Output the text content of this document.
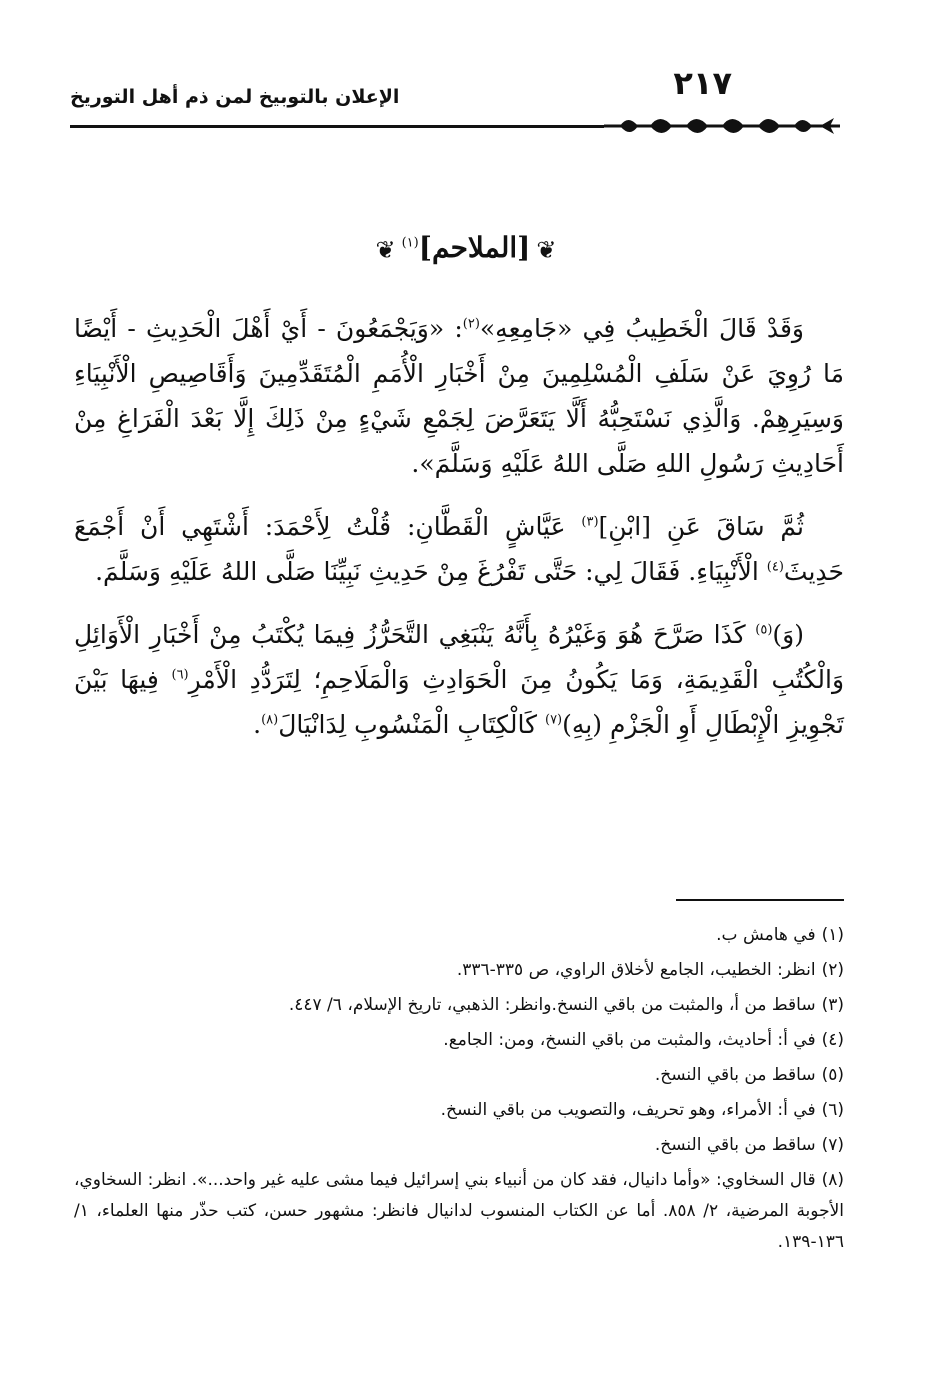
٢١٧
الإعلان بالتوبيخ لمن ذم أهل التوريخ
❦[الملاحم]$^{(١)}$❦

وَقَدْ قَالَ الْخَطِيبُ فِي «جَامِعِهِ»$^{(٢)}$: «وَيَجْمَعُونَ - أَيْ أَهْلَ الْحَدِيثِ - أَيْضًا مَا رُوِيَ عَنْ سَلَفِ الْمُسْلِمِينَ مِنْ أَخْبَارِ الْأُمَمِ الْمُتَقَدِّمِينَ وَأَقَاصِيصِ الْأَنْبِيَاءِ وَسِيَرِهِمْ. وَالَّذِي نَسْتَحِبُّهُ أَلَّا يَتَعَرَّضَ لِجَمْعِ شَيْءٍ مِنْ ذَلِكَ إِلَّا بَعْدَ الْفَرَاغِ مِنْ أَحَادِيثِ رَسُولِ اللهِ صَلَّى اللهُ عَلَيْهِ وَسَلَّمَ».

ثُمَّ سَاقَ عَنِ [ابْنِ]$^{(٣)}$ عَيَّاشٍ الْقَطَّانِ: قُلْتُ لِأَحْمَدَ: أَشْتَهِي أَنْ أَجْمَعَ حَدِيثَ$^{(٤)}$ الْأَنْبِيَاءِ. فَقَالَ لِي: حَتَّى تَفْرُغَ مِنْ حَدِيثِ نَبِيِّنَا صَلَّى اللهُ عَلَيْهِ وَسَلَّمَ.

(وَ)$^{(٥)}$ كَذَا صَرَّحَ هُوَ وَغَيْرُهُ بِأَنَّهُ يَنْبَغِي التَّحَرُّزُ فِيمَا يُكْتَبُ مِنْ أَخْبَارِ الْأَوَائِلِ وَالْكُتُبِ الْقَدِيمَةِ، وَمَا يَكُونُ مِنَ الْحَوَادِثِ وَالْمَلَاحِمِ؛ لِتَرَدُّدِ الْأَمْرِ$^{(٦)}$ فِيهَا بَيْنَ تَجْوِيزِ الْإِبْطَالِ أَوِ الْجَزْمِ (بِهِ)$^{(٧)}$ كَالْكِتَابِ الْمَنْسُوبِ لِدَانْيَالَ$^{(٨)}$.

(١)في هامش ب.
(٢)انظر: الخطيب، الجامع لأخلاق الراوي، ص ٣٣٥-٣٣٦.
(٣)ساقط من أ، والمثبت من باقي النسخ.وانظر: الذهبي، تاريخ الإسلام، ٦/ ٤٤٧.
(٤)في أ: أحاديث، والمثبت من باقي النسخ، ومن: الجامع.
(٥)ساقط من باقي النسخ.
(٦)في أ: الأمراء، وهو تحريف، والتصويب من باقي النسخ.
(٧)ساقط من باقي النسخ.
(٨)قال السخاوي: «وأما دانيال، فقد كان من أنبياء بني إسرائيل فيما مشى عليه غير واحد...». انظر: السخاوي، الأجوبة المرضية، ٢/ ٨٥٨. أما عن الكتاب المنسوب لدانيال فانظر: مشهور حسن، كتب حذّر منها العلماء، ١/ ١٣٦-١٣٩.
